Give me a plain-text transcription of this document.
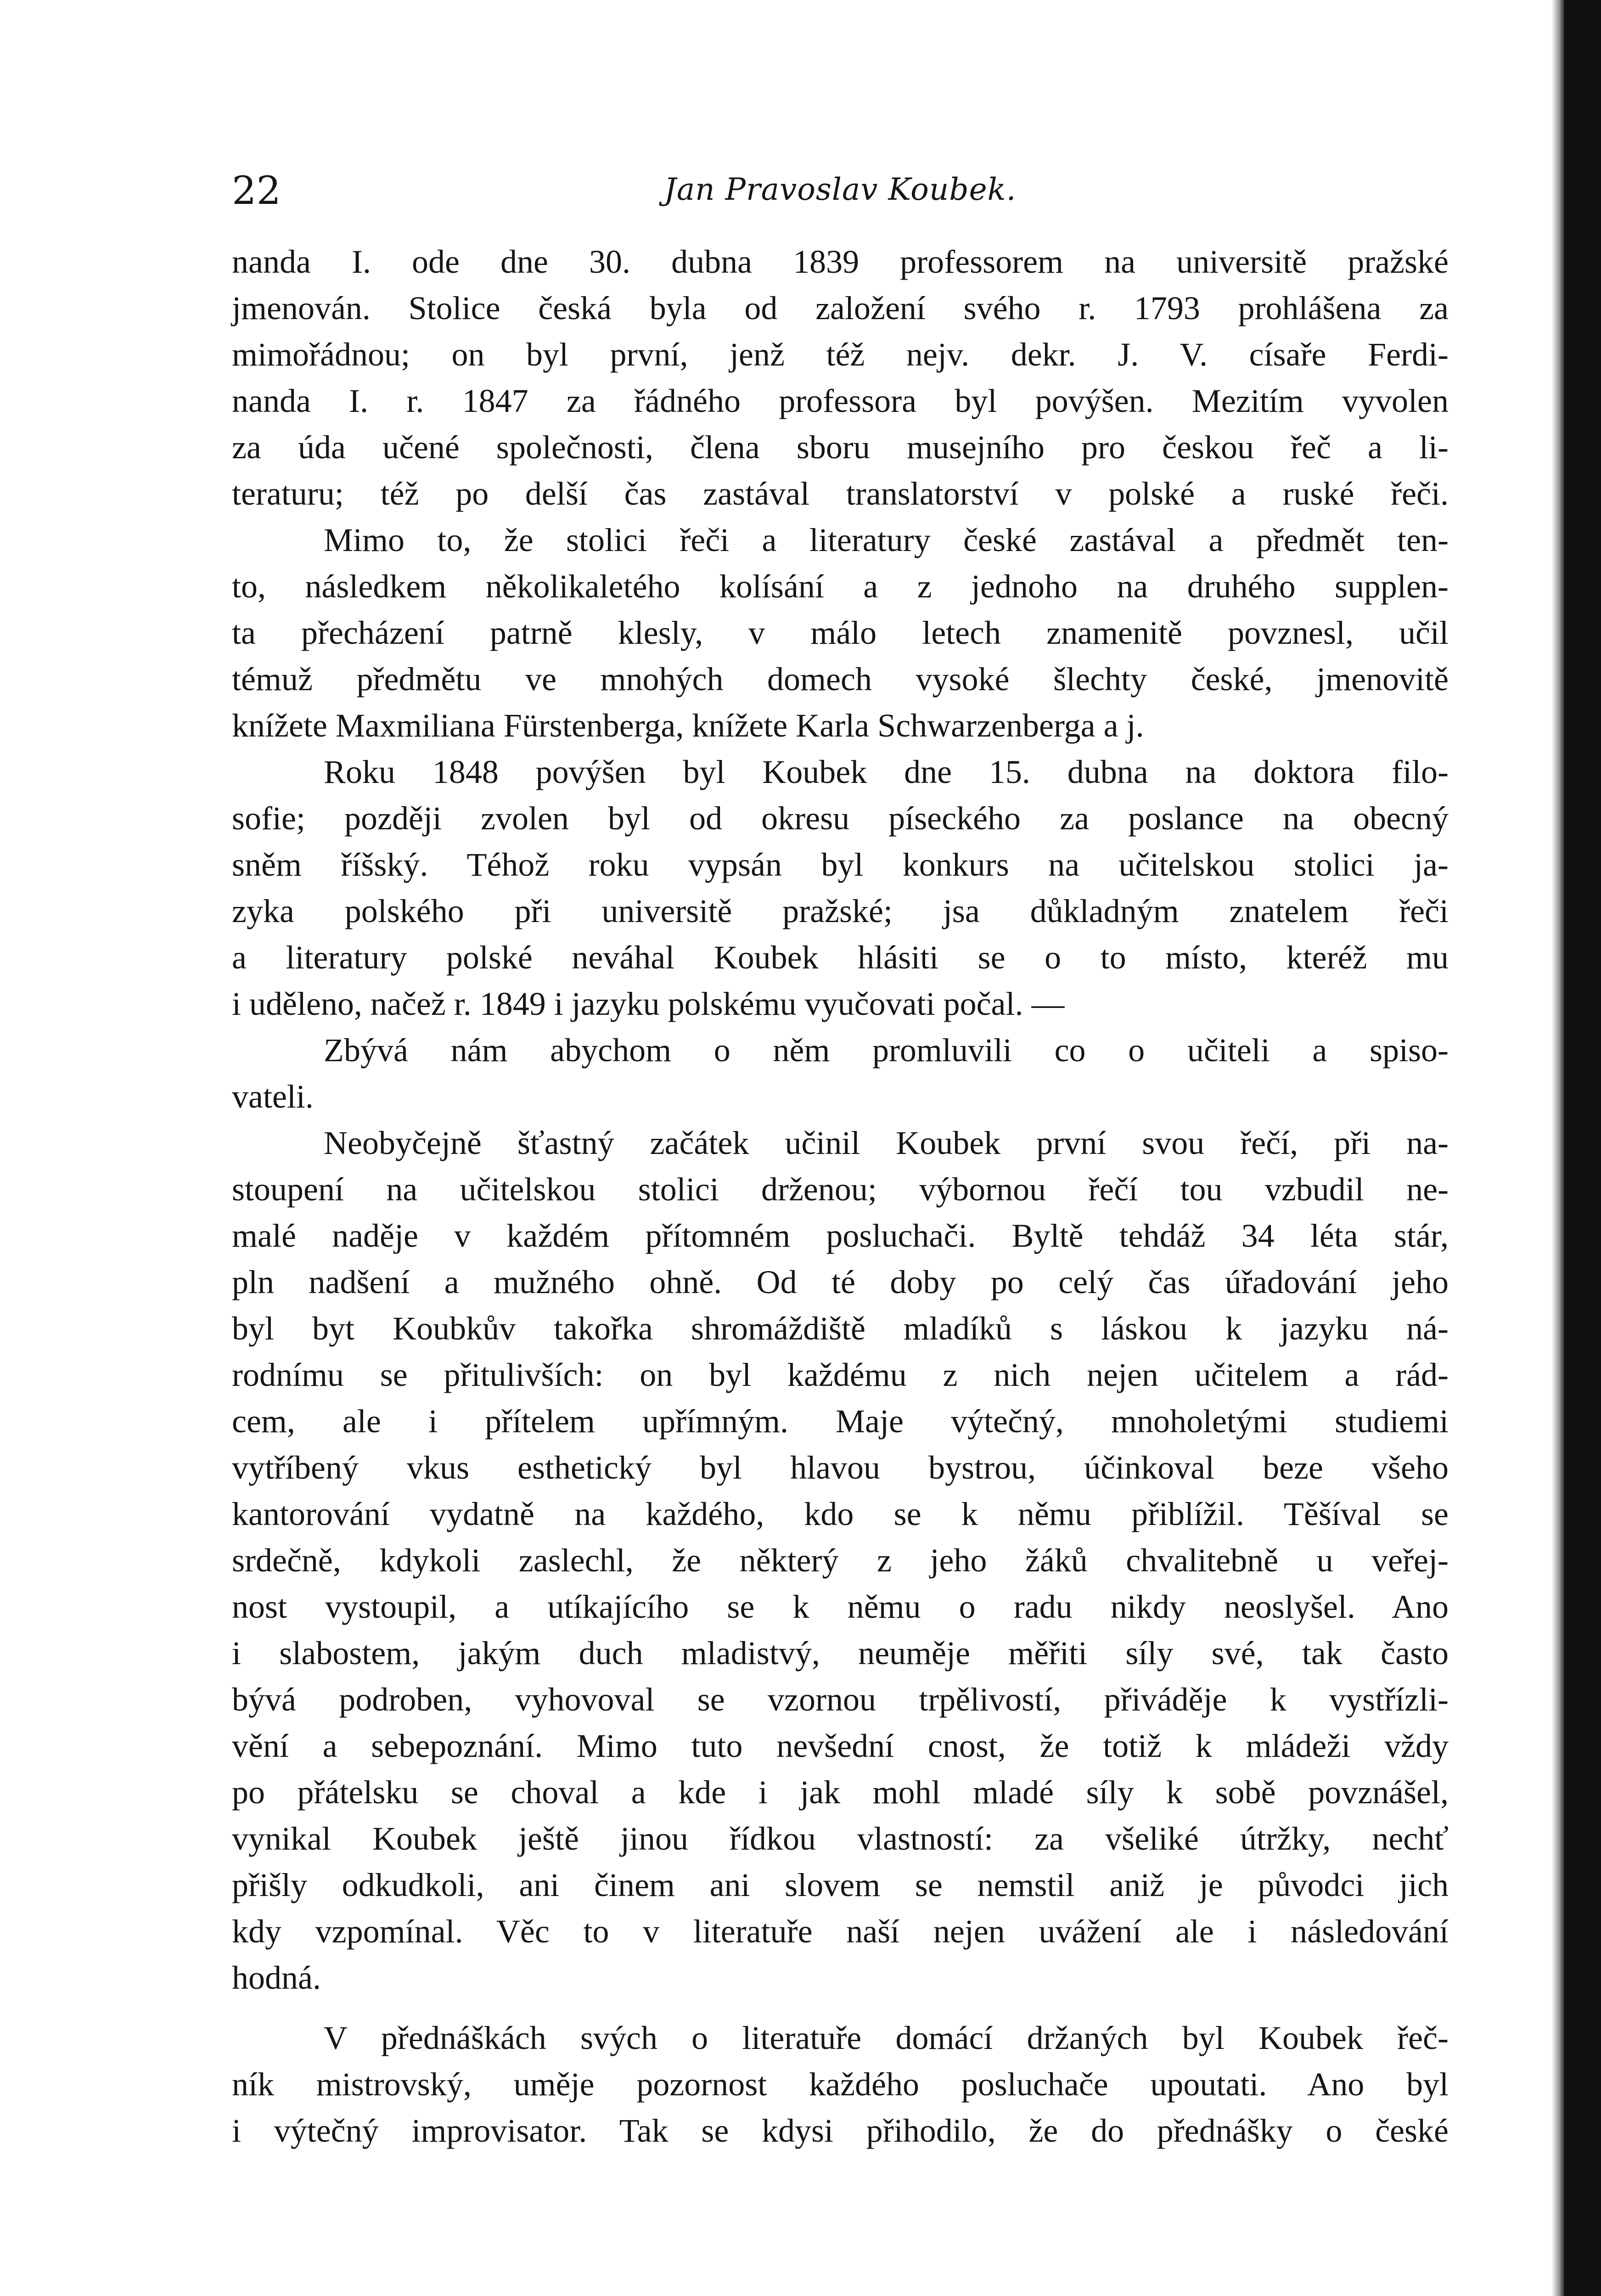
22	Jan Pravoslav Koubek.
nanda I. ode dne 30. dubna 1839 professorem na universitě pražské
jmenován. Stolice česká byla od založení svého r. 1793 prohlášena za
mimořádnou; on byl první, jenž též nejv. dekr. J. V. císaře Ferdi-
nanda I. r. 1847 za řádného professora byl povýšen. Mezitím vyvolen
za úda učené společnosti, člena sboru musejního pro českou řeč a li-
teraturu; též po delší čas zastával translatorství v polské a ruské řeči.
Mimo to, že stolici řeči a literatury české zastával a předmět ten-
to, následkem několikaletého kolísání a z jednoho na druhého supplen-
ta přecházení patrně klesly, v málo letech znamenitě povznesl, učil
témuž předmětu ve mnohých domech vysoké šlechty české, jmenovitě
knížete Maxmiliana Fürstenberga, knížete Karla Schwarzenberga a j.
Roku 1848 povýšen byl Koubek dne 15. dubna na doktora filo-
sofie; později zvolen byl od okresu píseckého za poslance na obecný
sněm říšský. Téhož roku vypsán byl konkurs na učitelskou stolici ja-
zyka polského při universitě pražské; jsa důkladným znatelem řeči
a literatury polské neváhal Koubek hlásiti se o to místo, kteréž mu
i uděleno, načež r. 1849 i jazyku polskému vyučovati počal. —
Zbývá nám abychom o něm promluvili co o učiteli a spiso-
vateli.
Neobyčejně šťastný začátek učinil Koubek první svou řečí, při na-
stoupení na učitelskou stolici drženou; výbornou řečí tou vzbudil ne-
malé naděje v každém přítomném posluchači. Byltě tehdáž 34 léta stár,
pln nadšení a mužného ohně. Od té doby po celý čas úřadování jeho
byl byt Koubkův takořka shromáždiště mladíků s láskou k jazyku ná-
rodnímu se přitulivších: on byl každému z nich nejen učitelem a rád-
cem, ale i přítelem upřímným. Maje výtečný, mnoholetými studiemi
vytříbený vkus esthetický byl hlavou bystrou, účinkoval beze všeho
kantorování vydatně na každého, kdo se k němu přiblížil. Těšíval se
srdečně, kdykoli zaslechl, že některý z jeho žáků chvalitebně u veřej-
nost vystoupil, a utíkajícího se k němu o radu nikdy neoslyšel. Ano
i slabostem, jakým duch mladistvý, neuměje měřiti síly své, tak často
bývá podroben, vyhovoval se vzornou trpělivostí, přiváděje k vystřízli-
vění a sebepoznání. Mimo tuto nevšední cnost, že totiž k mládeži vždy
po přátelsku se choval a kde i jak mohl mladé síly k sobě povznášel,
vynikal Koubek ještě jinou řídkou vlastností: za všeliké útržky, nechť
přišly odkudkoli, ani činem ani slovem se nemstil aniž je původci jich
kdy vzpomínal. Věc to v literatuře naší nejen uvážení ale i následování
hodná.
V přednáškách svých o literatuře domácí držaných byl Koubek řeč-
ník mistrovský, uměje pozornost každého posluchače upoutati. Ano byl
i výtečný improvisator. Tak se kdysi přihodilo, že do přednášky o české
